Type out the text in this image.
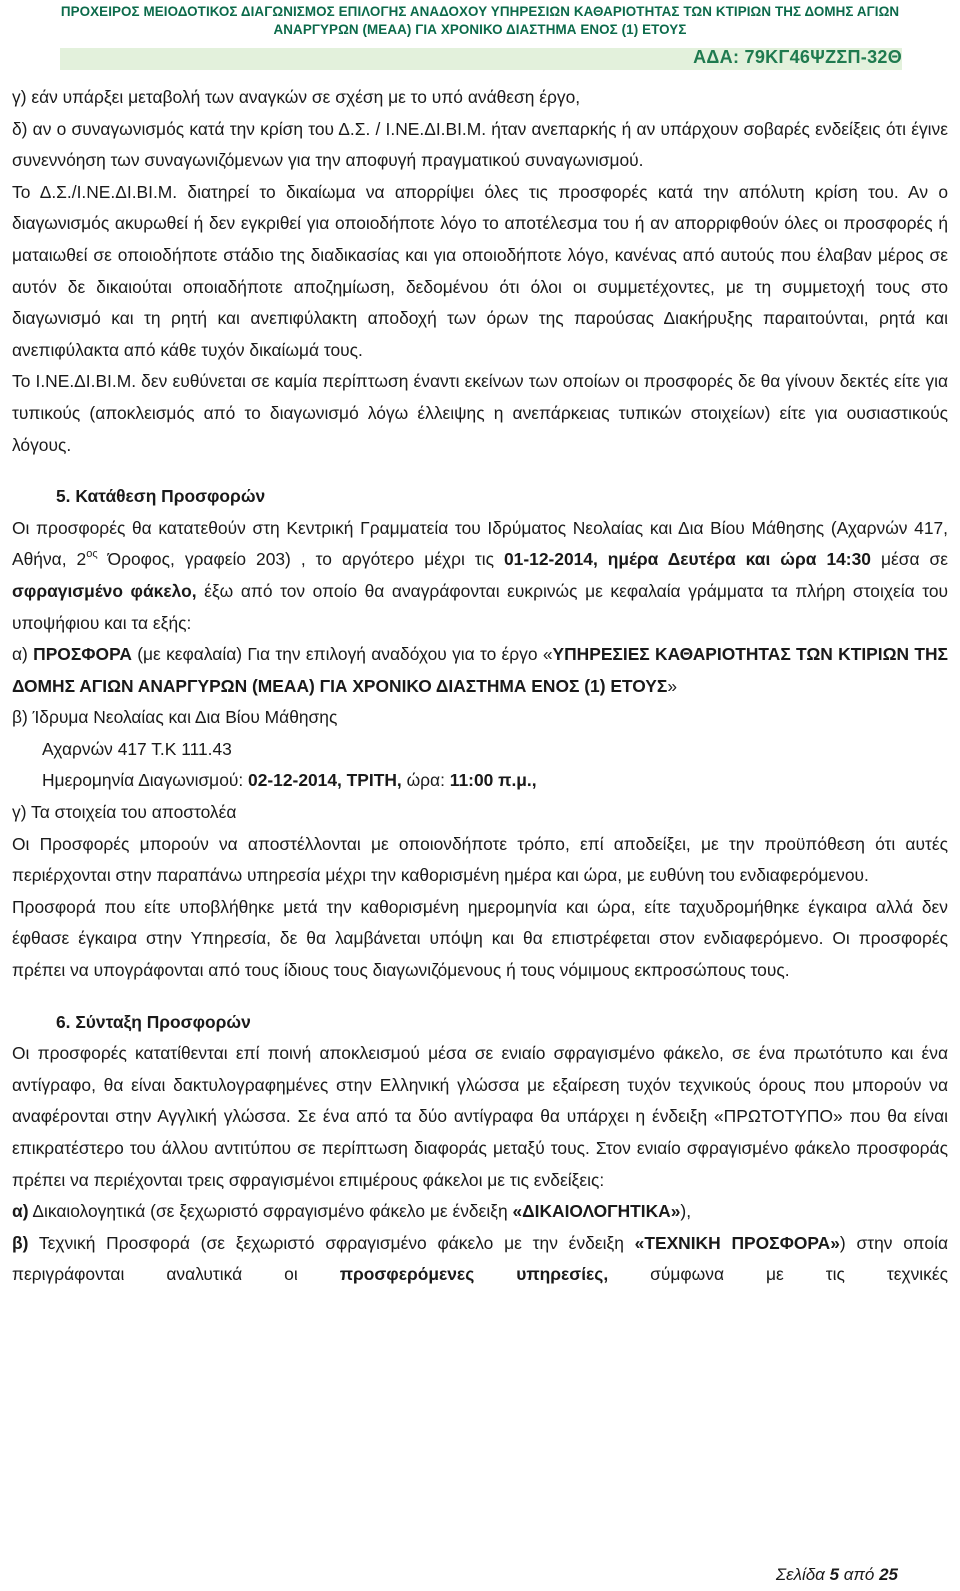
ΠΡΟΧΕΙΡΟΣ ΜΕΙΟΔΟΤΙΚΟΣ ΔΙΑΓΩΝΙΣΜΟΣ ΕΠΙΛΟΓΗΣ ΑΝΑΔΟΧΟΥ ΥΠΗΡΕΣΙΩΝ ΚΑΘΑΡΙΟΤΗΤΑΣ ΤΩΝ ΚΤΙΡΙΩΝ ΤΗΣ ΔΟΜΗΣ ΑΓΙΩΝ
ΑΝΑΡΓΥΡΩΝ (ΜΕΑΑ) ΓΙΑ ΧΡΟΝΙΚΟ ΔΙΑΣΤΗΜΑ ΕΝΟΣ (1) ΕΤΟΥΣ
ΑΔΑ: 79ΚΓ46ΨΖΣΠ-32Θ

γ) εάν υπάρξει μεταβολή των αναγκών σε σχέση με το υπό ανάθεση έργο,

δ) αν ο συναγωνισμός κατά την κρίση του Δ.Σ. / Ι.ΝΕ.ΔΙ.ΒΙ.Μ. ήταν ανεπαρκής ή αν υπάρχουν σοβαρές ενδείξεις ότι έγινε συνεννόηση των συναγωνιζόμενων για την αποφυγή πραγματικού συναγωνισμού.

Το Δ.Σ./Ι.ΝΕ.ΔΙ.ΒΙ.Μ. διατηρεί το δικαίωμα να απορρίψει όλες τις προσφορές κατά την απόλυτη κρίση του. Αν ο διαγωνισμός ακυρωθεί ή δεν εγκριθεί για οποιοδήποτε λόγο το αποτέλεσμα του ή αν απορριφθούν όλες οι προσφορές ή ματαιωθεί σε οποιοδήποτε στάδιο της διαδικασίας και για οποιοδήποτε λόγο, κανένας από αυτούς που έλαβαν μέρος σε αυτόν δε δικαιούται οποιαδήποτε αποζημίωση, δεδομένου ότι όλοι οι συμμετέχοντες, με τη συμμετοχή τους στο διαγωνισμό και τη ρητή και ανεπιφύλακτη αποδοχή των όρων της παρούσας Διακήρυξης παραιτούνται, ρητά και ανεπιφύλακτα από κάθε τυχόν δικαίωμά τους.

Το Ι.ΝΕ.ΔΙ.ΒΙ.Μ. δεν ευθύνεται σε καμία περίπτωση έναντι εκείνων των οποίων οι προσφορές δε θα γίνουν δεκτές είτε για τυπικούς (αποκλεισμός από το διαγωνισμό λόγω έλλειψης η ανεπάρκειας τυπικών στοιχείων) είτε για ουσιαστικούς λόγους.

5. Κατάθεση Προσφορών

Οι προσφορές θα κατατεθούν στη Κεντρική Γραμματεία του Ιδρύματος Νεολαίας και Δια Βίου Μάθησης (Αχαρνών 417, Αθήνα, $2^{o\varsigma}$ Όροφος, γραφείο 203) , το αργότερο μέχρι τις 01-12-2014, ημέρα Δευτέρα και ώρα 14:30 μέσα σε σφραγισμένο φάκελο, έξω από τον οποίο θα αναγράφονται ευκρινώς με κεφαλαία γράμματα τα πλήρη στοιχεία του υποψήφιου και τα εξής:

α) ΠΡΟΣΦΟΡΑ (με κεφαλαία) Για την επιλογή αναδόχου για το έργο «ΥΠΗΡΕΣΙΕΣ ΚΑΘΑΡΙΟΤΗΤΑΣ ΤΩΝ ΚΤΙΡΙΩΝ ΤΗΣ ΔΟΜΗΣ ΑΓΙΩΝ ΑΝΑΡΓΥΡΩΝ (ΜΕΑΑ) ΓΙΑ ΧΡΟΝΙΚΟ ΔΙΑΣΤΗΜΑ ΕΝΟΣ (1) ΕΤΟΥΣ»

β) Ίδρυμα Νεολαίας και Δια Βίου Μάθησης

Αχαρνών 417 Τ.Κ 111.43

Ημερομηνία Διαγωνισμού: 02-12-2014, ΤΡΙΤΗ, ώρα: 11:00 π.μ.,

γ) Τα στοιχεία του αποστολέα

Οι Προσφορές μπορούν να αποστέλλονται με οποιονδήποτε τρόπο, επί αποδείξει, με την προϋπόθεση ότι αυτές περιέρχονται στην παραπάνω υπηρεσία μέχρι την καθορισμένη ημέρα και ώρα, με ευθύνη του ενδιαφερόμενου.

Προσφορά που είτε υποβλήθηκε μετά την καθορισμένη ημερομηνία και ώρα, είτε ταχυδρομήθηκε έγκαιρα αλλά δεν έφθασε έγκαιρα στην Υπηρεσία, δε θα λαμβάνεται υπόψη και θα επιστρέφεται στον ενδιαφερόμενο. Οι προσφορές πρέπει να υπογράφονται από τους ίδιους τους διαγωνιζόμενους ή τους νόμιμους εκπροσώπους τους.

6. Σύνταξη Προσφορών

Οι προσφορές κατατίθενται επί ποινή αποκλεισμού μέσα σε ενιαίο σφραγισμένο φάκελο, σε ένα πρωτότυπο και ένα αντίγραφο, θα είναι δακτυλογραφημένες στην Ελληνική γλώσσα με εξαίρεση τυχόν τεχνικούς όρους που μπορούν να αναφέρονται στην Αγγλική γλώσσα. Σε ένα από τα δύο αντίγραφα θα υπάρχει η ένδειξη «ΠΡΩΤΟΤΥΠΟ» που θα είναι επικρατέστερο του άλλου αντιτύπου σε περίπτωση διαφοράς μεταξύ τους. Στον ενιαίο σφραγισμένο φάκελο προσφοράς πρέπει να περιέχονται τρεις σφραγισμένοι επιμέρους φάκελοι με τις ενδείξεις:

α) Δικαιολογητικά (σε ξεχωριστό σφραγισμένο φάκελο με ένδειξη «ΔΙΚΑΙΟΛΟΓΗΤΙΚΑ»),

β) Τεχνική Προσφορά (σε ξεχωριστό σφραγισμένο φάκελο με την ένδειξη «ΤΕΧΝΙΚΗ ΠΡΟΣΦΟΡΑ») στην οποία περιγράφονται αναλυτικά οι προσφερόμενες υπηρεσίες, σύμφωνα με τις τεχνικές

Σελίδα 5 από 25
